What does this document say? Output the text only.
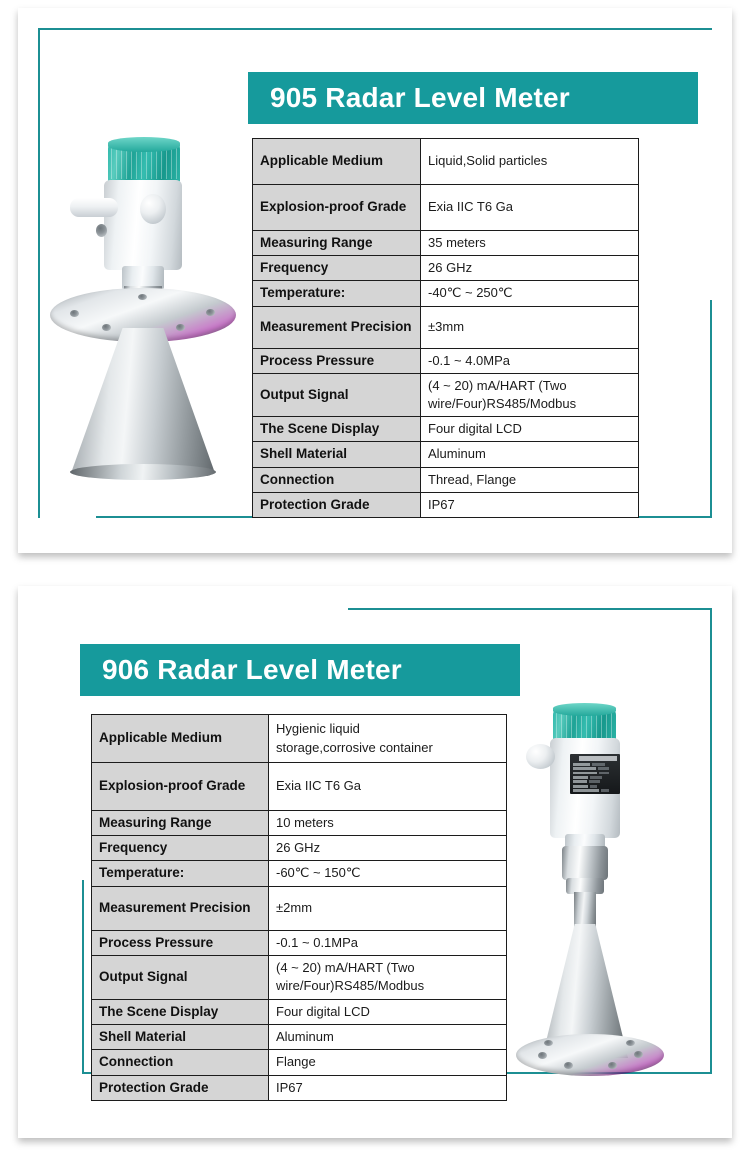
905 Radar Level Meter
Applicable Medium	Liquid,Solid particles
Explosion-proof Grade	Exia IIC T6 Ga
Measuring Range	35 meters
Frequency	26 GHz
Temperature:	-40℃ ~ 250℃
Measurement Precision	±3mm
Process Pressure	-0.1 ~ 4.0MPa
Output Signal	(4 ~ 20) mA/HART (Two
wire/Four)RS485/Modbus

The Scene Display	Four digital LCD
Shell Material	Aluminum
Connection	Thread, Flange
Protection Grade	IP67
906 Radar Level Meter
Applicable Medium	Hygienic liquid
storage,corrosive container

Explosion-proof Grade	Exia IIC T6 Ga
Measuring Range	10 meters
Frequency	26 GHz
Temperature:	-60℃ ~ 150℃
Measurement Precision	±2mm
Process Pressure	-0.1 ~ 0.1MPa
Output Signal	(4 ~ 20) mA/HART (Two
wire/Four)RS485/Modbus

The Scene Display	Four digital LCD
Shell Material	Aluminum
Connection	Flange
Protection Grade	IP67
